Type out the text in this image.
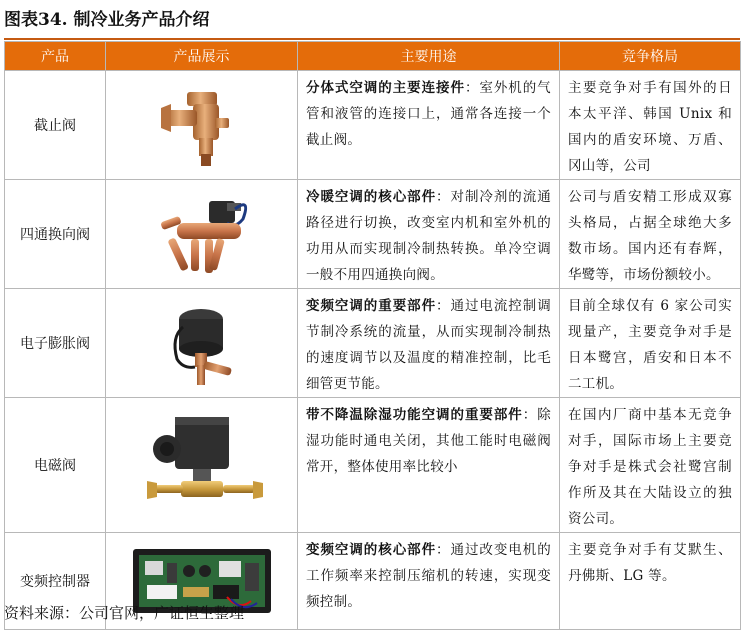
图表34. 制冷业务产品介绍
产品	产品展示	主要用途	竞争格局
截止阀		分体式空调的主要连接件：室外机的气管和液管的连接口上，通常各连接一个截止阀。	主要竞争对手有国外的日本太平洋、韩国 Unix 和国内的盾安环境、万盾、冈山等，公司
四通换向阀		冷暖空调的核心部件：对制冷剂的流通路径进行切换，改变室内机和室外机的功用从而实现制冷制热转换。单冷空调一般不用四通换向阀。	公司与盾安精工形成双寡头格局，占据全球绝大多数市场。国内还有春辉，华鹭等，市场份额较小。
电子膨胀阀		变频空调的重要部件：通过电流控制调节制冷系统的流量，从而实现制冷制热的速度调节以及温度的精准控制，比毛细管更节能。	目前全球仅有 6 家公司实现量产，主要竞争对手是日本鹭宫，盾安和日本不二工机。
电磁阀		带不降温除湿功能空调的重要部件：除湿功能时通电关闭，其他工能时电磁阀常开，整体使用率比较小	在国内厂商中基本无竞争对手，国际市场上主要竞争对手是株式会社鹭宫制作所及其在大陆设立的独资公司。
变频控制器		变频空调的核心部件：通过改变电机的工作频率来控制压缩机的转速，实现变频控制。	主要竞争对手有艾默生、丹佛斯、LG 等。
资料来源：公司官网，广证恒生整理
